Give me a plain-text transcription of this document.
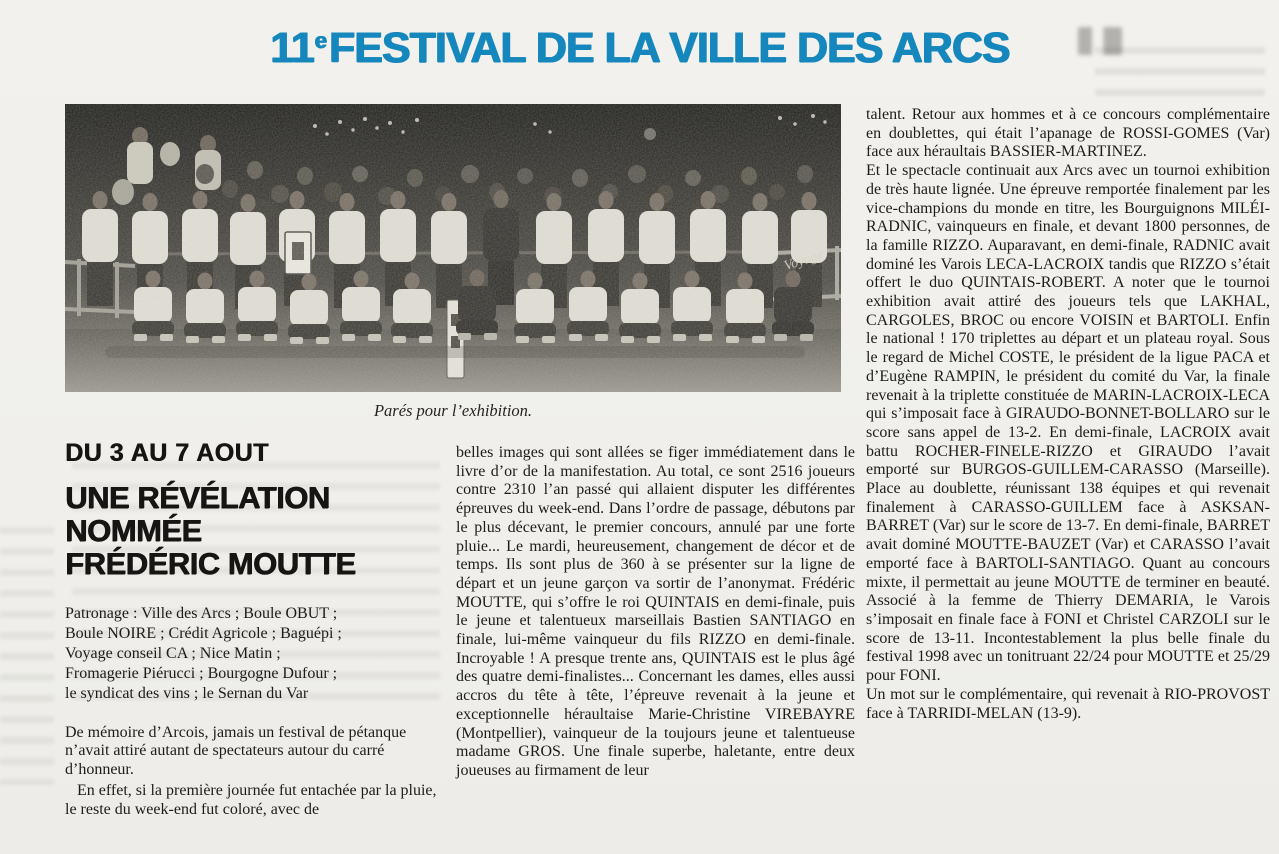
11eFESTIVAL DE LA VILLE DES ARCS
Parés pour l’exhibition.
DU 3 AU 7 AOUT
UNE RÉVÉLATION
NOMMÉE
FRÉDÉRIC MOUTTE
Patronage : Ville des Arcs ; Boule OBUT ;
Boule NOIRE ; Crédit Agricole ; Baguépi ;
Voyage conseil CA ; Nice Matin ;
Fromagerie Piérucci ; Bourgogne Dufour ;
le syndicat des vins ; le Sernan du Var

De mémoire d’Arcois, jamais un festival de pétanque n’avait attiré autant de spectateurs autour du carré d’honneur.

En effet, si la première journée fut entachée par la pluie, le reste du week-end fut coloré, avec de

belles images qui sont allées se figer immédiatement dans le livre d’or de la manifestation. Au total, ce sont 2516 joueurs contre 2310 l’an passé qui allaient disputer les différentes épreuves du week-end. Dans l’ordre de passage, débutons par le plus décevant, le premier concours, annulé par une forte pluie... Le mardi, heureusement, changement de décor et de temps. Ils sont plus de 360 à se présenter sur la ligne de départ et un jeune garçon va sortir de l’anonymat. Frédéric MOUTTE, qui s’offre le roi QUINTAIS en demi-finale, puis le jeune et talentueux marseillais Bastien SANTIAGO en finale, lui-même vainqueur du fils RIZZO en demi-finale. Incroyable ! A presque trente ans, QUINTAIS est le plus âgé des quatre demi-finalistes... Concernant les dames, elles aussi accros du tête à tête, l’épreuve revenait à la jeune et exceptionnelle héraultaise Marie-Christine VIREBAYRE (Montpellier), vainqueur de la toujours jeune et talentueuse madame GROS. Une finale superbe, haletante, entre deux joueuses au firmament de leur

talent. Retour aux hommes et à ce concours complémentaire en doublettes, qui était l’apanage de ROSSI-GOMES (Var) face aux héraultais BASSIER-MARTINEZ.

Et le spectacle continuait aux Arcs avec un tournoi exhibition de très haute lignée. Une épreuve remportée finalement par les vice-champions du monde en titre, les Bourguignons MILÉI-RADNIC, vainqueurs en finale, et devant 1800 personnes, de la famille RIZZO. Auparavant, en demi-finale, RADNIC avait dominé les Varois LECA-LACROIX tandis que RIZZO s’était offert le duo QUINTAIS-ROBERT. A noter que le tournoi exhibition avait attiré des joueurs tels que LAKHAL, CARGOLES, BROC ou encore VOISIN et BARTOLI. Enfin le national ! 170 triplettes au départ et un plateau royal. Sous le regard de Michel COSTE, le président de la ligue PACA et d’Eugène RAMPIN, le président du comité du Var, la finale revenait à la triplette constituée de MARIN-LACROIX-LECA qui s’imposait face à GIRAUDO-BONNET-BOLLARO sur le score sans appel de 13-2. En demi-finale, LACROIX avait battu ROCHER-FINELE-RIZZO et GIRAUDO l’avait emporté sur BURGOS-GUILLEM-CARASSO (Marseille). Place au doublette, réunissant 138 équipes et qui revenait finalement à CARASSO-GUILLEM face à ASKSAN-BARRET (Var) sur le score de 13-7. En demi-finale, BARRET avait dominé MOUTTE-BAUZET (Var) et CARASSO l’avait emporté face à BARTOLI-SANTIAGO. Quant au concours mixte, il permettait au jeune MOUTTE de terminer en beauté. Associé à la femme de Thierry DEMARIA, le Varois s’imposait en finale face à FONI et Christel CARZOLI sur le score de 13-11. Incontestablement la plus belle finale du festival 1998 avec un tonitruant 22/24 pour MOUTTE et 25/29 pour FONI.

Un mot sur le complémentaire, qui revenait à RIO-PROVOST face à TARRIDI-MELAN (13-9).
